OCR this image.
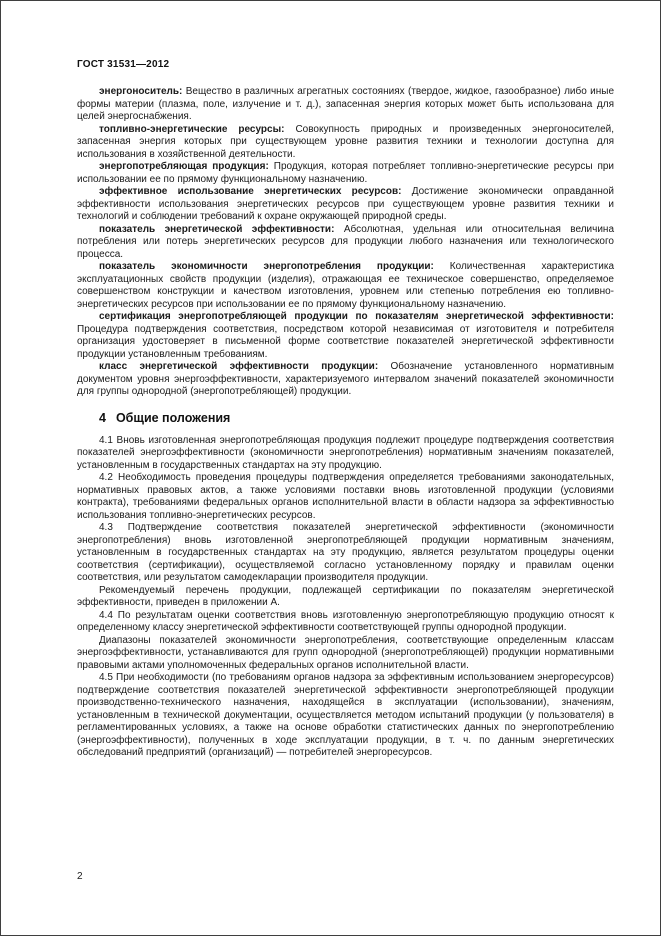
ГОСТ 31531—2012

энергоноситель: Вещество в различных агрегатных состояниях (твердое, жидкое, газообразное) либо иные формы материи (плазма, поле, излучение и т. д.), запасенная энергия которых может быть использована для целей энергоснабжения.

топливно-энергетические ресурсы: Совокупность природных и произведенных энергоносителей, запасенная энергия которых при существующем уровне развития техники и технологии доступна для использования в хозяйственной деятельности.

энергопотребляющая продукция: Продукция, которая потребляет топливно-энергетические ресурсы при использовании ее по прямому функциональному назначению.

эффективное использование энергетических ресурсов: Достижение экономически оправданной эффективности использования энергетических ресурсов при существующем уровне развития техники и технологий и соблюдении требований к охране окружающей природной среды.

показатель энергетической эффективности: Абсолютная, удельная или относительная величина потребления или потерь энергетических ресурсов для продукции любого назначения или технологического процесса.

показатель экономичности энергопотребления продукции: Количественная характеристика эксплуатационных свойств продукции (изделия), отражающая ее техническое совершенство, определяемое совершенством конструкции и качеством изготовления, уровнем или степенью потребления ею топливно-энергетических ресурсов при использовании ее по прямому функциональному назначению.

сертификация энергопотребляющей продукции по показателям энергетической эффективности: Процедура подтверждения соответствия, посредством которой независимая от изготовителя и потребителя организация удостоверяет в письменной форме соответствие показателей энергетической эффективности продукции установленным требованиям.

класс энергетической эффективности продукции: Обозначение установленного нормативным документом уровня энергоэффективности, характеризуемого интервалом значений показателей экономичности для группы однородной (энергопотребляющей) продукции.

4 Общие положения

4.1 Вновь изготовленная энергопотребляющая продукция подлежит процедуре подтверждения соответствия показателей энергоэффективности (экономичности энергопотребления) нормативным значениям показателей, установленным в государственных стандартах на эту продукцию.

4.2 Необходимость проведения процедуры подтверждения определяется требованиями законодательных, нормативных правовых актов, а также условиями поставки вновь изготовленной продукции (условиями контракта), требованиями федеральных органов исполнительной власти в области надзора за эффективностью использования топливно-энергетических ресурсов.

4.3 Подтверждение соответствия показателей энергетической эффективности (экономичности энергопотребления) вновь изготовленной энергопотребляющей продукции нормативным значениям, установленным в государственных стандартах на эту продукцию, является результатом процедуры оценки соответствия (сертификации), осуществляемой согласно установленному порядку и правилам оценки соответствия, или результатом самодекларации производителя продукции.

Рекомендуемый перечень продукции, подлежащей сертификации по показателям энергетической эффективности, приведен в приложении А.

4.4 По результатам оценки соответствия вновь изготовленную энергопотребляющую продукцию относят к определенному классу энергетической эффективности соответствующей группы однородной продукции.

Диапазоны показателей экономичности энергопотребления, соответствующие определенным классам энергоэффективности, устанавливаются для групп однородной (энергопотребляющей) продукции нормативными правовыми актами уполномоченных федеральных органов исполнительной власти.

4.5 При необходимости (по требованиям органов надзора за эффективным использованием энергоресурсов) подтверждение соответствия показателей энергетической эффективности энергопотребляющей продукции производственно-технического назначения, находящейся в эксплуатации (использовании), значениям, установленным в технической документации, осуществляется методом испытаний продукции (у пользователя) в регламентированных условиях, а также на основе обработки статистических данных по энергопотреблению (энергоэффективности), полученных в ходе эксплуатации продукции, в т. ч. по данным энергетических обследований предприятий (организаций) — потребителей энергоресурсов.

2
